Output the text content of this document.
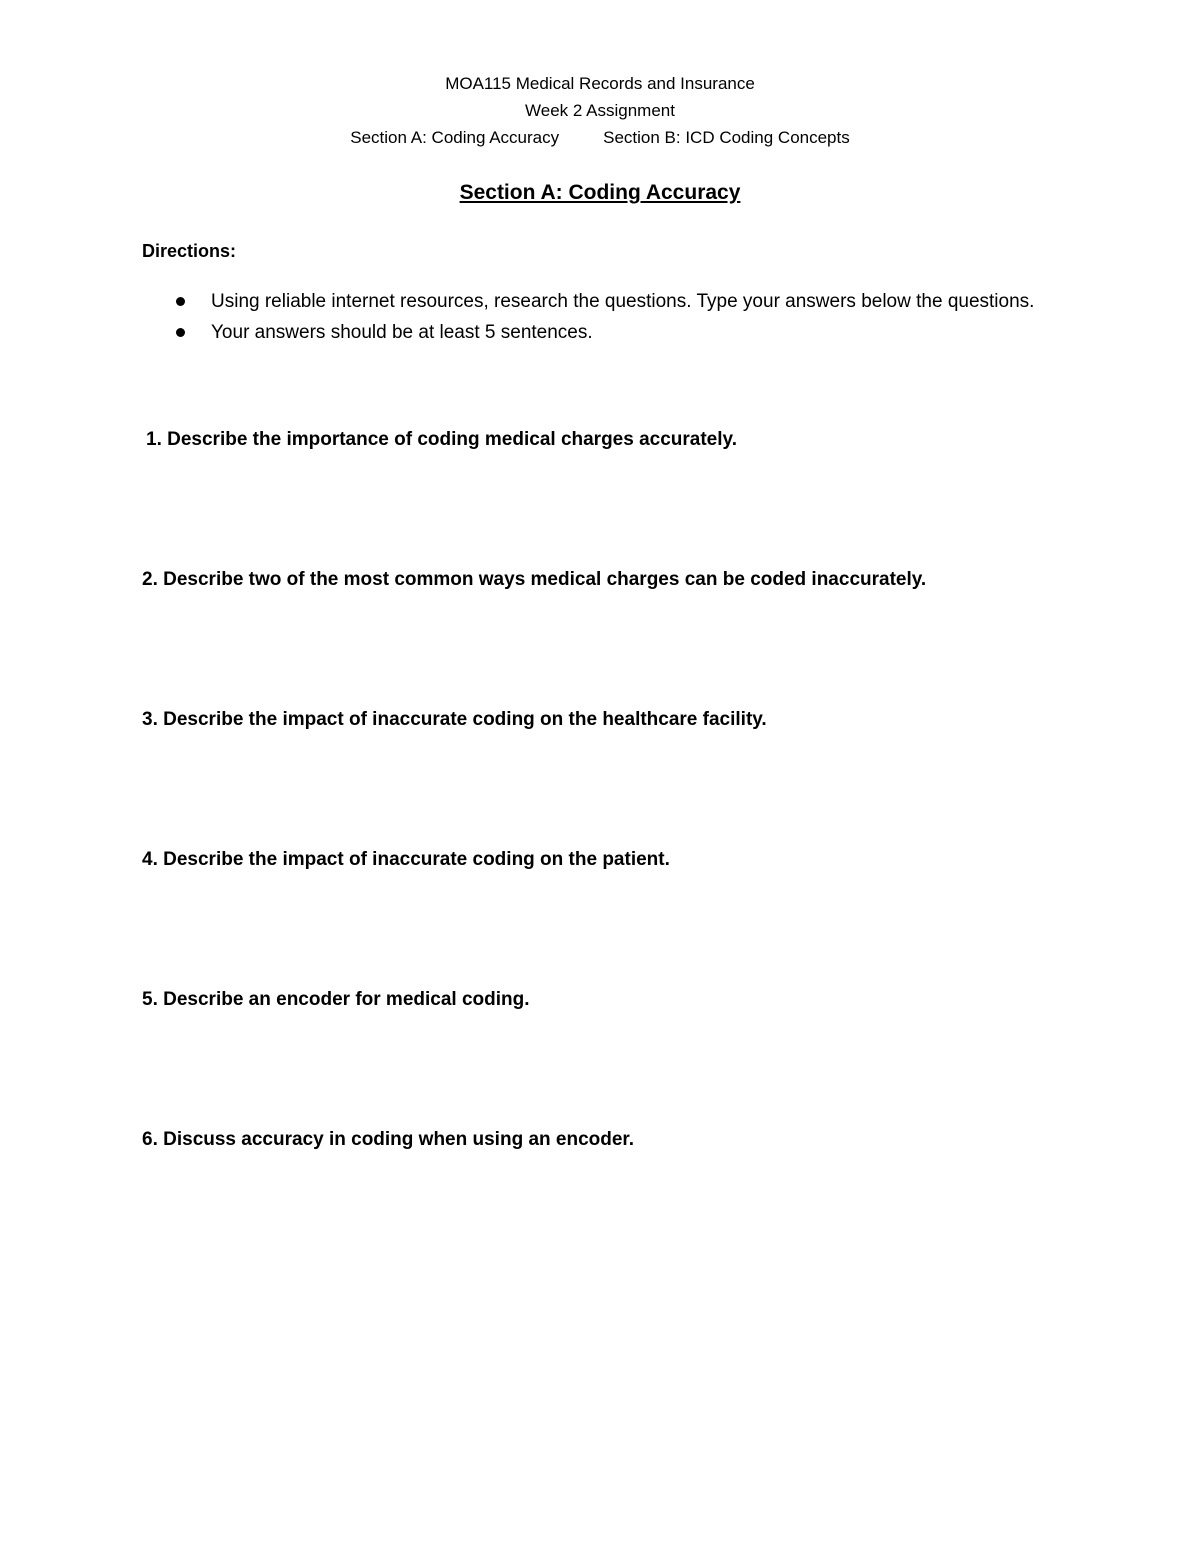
MOA115 Medical Records and Insurance
Week 2 Assignment
Section A: Coding Accuracy	Section B: ICD Coding Concepts
Section A: Coding Accuracy
Directions:
Using reliable internet resources, research the questions. Type your answers below the questions.
Your answers should be at least 5 sentences.
1. Describe the importance of coding medical charges accurately.
2. Describe two of the most common ways medical charges can be coded inaccurately.
3. Describe the impact of inaccurate coding on the healthcare facility.
4. Describe the impact of inaccurate coding on the patient.
5. Describe an encoder for medical coding.
6. Discuss accuracy in coding when using an encoder.
